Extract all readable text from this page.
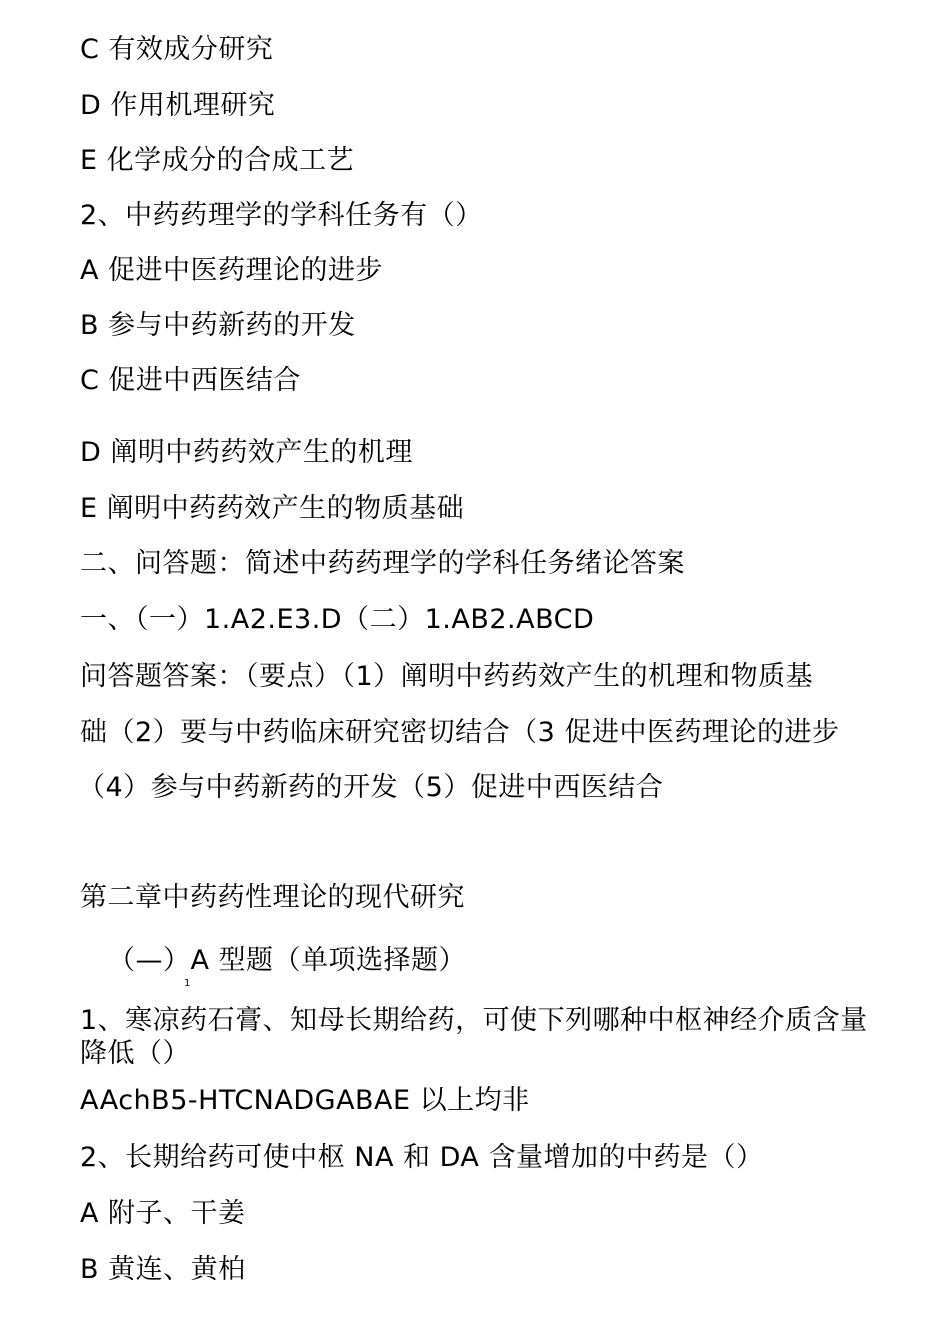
C 有效成分研究
D 作用机理研究
E 化学成分的合成工艺
2、中药药理学的学科任务有（）
A 促进中医药理论的进步
B 参与中药新药的开发
C 促进中西医结合
D 阐明中药药效产生的机理
E 阐明中药药效产生的物质基础
二、问答题：简述中药药理学的学科任务绪论答案
一、（一）1.A2.E3.D（二）1.AB2.ABCD
问答题答案：（要点）（1）阐明中药药效产生的机理和物质基
础（2）要与中药临床研究密切结合（3 促进中医药理论的进步
（4）参与中药新药的开发（5）促进中西医结合
第二章中药药性理论的现代研究
（—）A 型题（单项选择题）
1
1、寒凉药石膏、知母长期给药，可使下列哪种中枢神经介质含量降低（）
AAchB5-HTCNADGABAE 以上均非
2、长期给药可使中枢 NA 和 DA 含量增加的中药是（）
A 附子、干姜
B 黄连、黄柏
